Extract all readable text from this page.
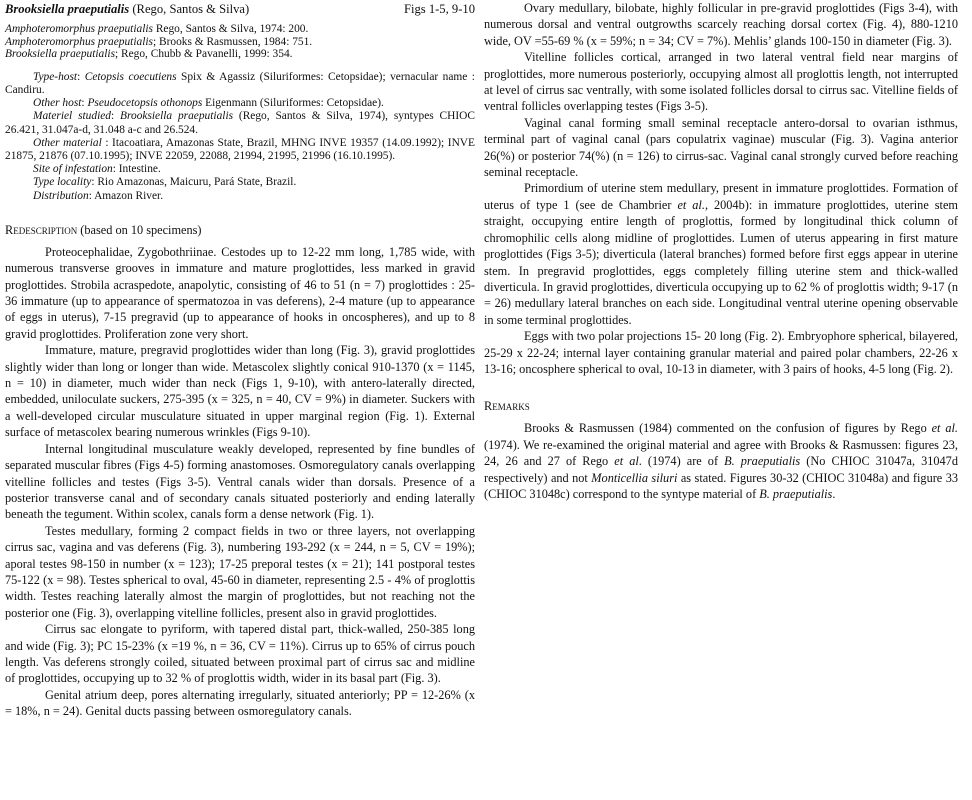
Brooksiella praeputialis (Rego, Santos & Silva)	Figs 1-5, 9-10
Amphoteromorphus praeputialis Rego, Santos & Silva, 1974: 200.
Amphoteromorphus praeputialis; Brooks & Rasmussen, 1984: 751.
Brooksiella praeputialis; Rego, Chubb & Pavanelli, 1999: 354.

Type-host: Cetopsis coecutiens Spix & Agassiz (Siluriformes: Cetopsidae); vernacular name : Candiru.

Other host: Pseudocetopsis othonops Eigenmann (Siluriformes: Cetopsidae).

Materiel studied: Brooksiella praeputialis (Rego, Santos & Silva, 1974), syntypes CHIOC 26.421, 31.047a-d, 31.048 a-c and 26.524.

Other material : Itacoatiara, Amazonas State, Brazil, MHNG INVE 19357 (14.09.1992); INVE 21875, 21876 (07.10.1995); INVE 22059, 22088, 21994, 21995, 21996 (16.10.1995).

Site of infestation: Intestine.

Type locality: Rio Amazonas, Maicuru, Pará State, Brazil.

Distribution: Amazon River.

Redescription (based on 10 specimens)

Proteocephalidae, Zygobothriinae. Cestodes up to 12-22 mm long, 1,785 wide, with numerous transverse grooves in immature and mature proglottides, less marked in gravid proglottides. Strobila acraspedote, anapolytic, consisting of 46 to 51 (n = 7) proglottides : 25-36 immature (up to appearance of spermatozoa in vas deferens), 2-4 mature (up to appearance of eggs in uterus), 7-15 pregravid (up to appearance of hooks in oncospheres), and up to 8 gravid proglottides. Proliferation zone very short.

Immature, mature, pregravid proglottides wider than long (Fig. 3), gravid proglottides slightly wider than long or longer than wide. Metascolex slightly conical 910-1370 (x = 1145, n = 10) in diameter, much wider than neck (Figs 1, 9-10), with antero-laterally directed, embedded, uniloculate suckers, 275-395 (x = 325, n = 40, CV = 9%) in diameter. Suckers with a well-developed circular musculature situated in upper marginal region (Fig. 1). External surface of metascolex bearing numerous wrinkles (Figs 9-10).

Internal longitudinal musculature weakly developed, represented by fine bundles of separated muscular fibres (Figs 4-5) forming anastomoses. Osmoregulatory canals overlapping vitelline follicles and testes (Figs 3-5). Ventral canals wider than dorsals. Presence of a posterior transverse canal and of secondary canals situated posteriorly and ending laterally beneath the tegument. Within scolex, canals form a dense network (Fig. 1).

Testes medullary, forming 2 compact fields in two or three layers, not overlapping cirrus sac, vagina and vas deferens (Fig. 3), numbering 193-292 (x = 244, n = 5, CV = 19%); aporal testes 98-150 in number (x = 123); 17-25 preporal testes (x = 21); 141 postporal testes 75-122 (x = 98). Testes spherical to oval, 45-60 in diameter, representing 2.5 - 4% of proglottis width. Testes reaching laterally almost the margin of proglottides, but not reaching not the posterior one (Fig. 3), overlapping vitelline follicles, present also in gravid proglottides.

Cirrus sac elongate to pyriform, with tapered distal part, thick-walled, 250-385 long and wide (Fig. 3); PC 15-23% (x =19 %, n = 36, CV = 11%). Cirrus up to 65% of cirrus pouch length. Vas deferens strongly coiled, situated between proximal part of cirrus sac and midline of proglottides, occupying up to 32 % of proglottis width, wider in its basal part (Fig. 3).

Genital atrium deep, pores alternating irregularly, situated anteriorly; PP = 12-26% (x = 18%, n = 24). Genital ducts passing between osmoregulatory canals.

Ovary medullary, bilobate, highly follicular in pre-gravid proglottides (Figs 3-4), with numerous dorsal and ventral outgrowths scarcely reaching dorsal cortex (Fig. 4), 880-1210 wide, OV =55-69 % (x = 59%; n = 34; CV = 7%). Mehlis’ glands 100-150 in diameter (Fig. 3).

Vitelline follicles cortical, arranged in two lateral ventral field near margins of proglottides, more numerous posteriorly, occupying almost all proglottis length, not interrupted at level of cirrus sac ventrally, with some isolated follicles dorsal to cirrus sac. Vitelline fields of ventral follicles overlapping testes (Figs 3-5).

Vaginal canal forming small seminal receptacle antero-dorsal to ovarian isthmus, terminal part of vaginal canal (pars copulatrix vaginae) muscular (Fig. 3). Vagina anterior 26(%) or posterior 74(%) (n = 126) to cirrus-sac. Vaginal canal strongly curved before reaching seminal receptacle.

Primordium of uterine stem medullary, present in immature proglottides. Formation of uterus of type 1 (see de Chambrier et al., 2004b): in immature proglottides, uterine stem straight, occupying entire length of proglottis, formed by longitudinal thick column of chromophilic cells along midline of proglottides. Lumen of uterus appearing in first mature proglottides (Figs 3-5); diverticula (lateral branches) formed before first eggs appear in uterine stem. In pregravid proglottides, eggs completely filling uterine stem and thick-walled diverticula. In gravid proglottides, diverticula occupying up to 62 % of proglottis width; 9-17 (n = 26) medullary lateral branches on each side. Longitudinal ventral uterine opening observable in some terminal proglottides.

Eggs with two polar projections 15- 20 long (Fig. 2). Embryophore spherical, bilayered, 25-29 x 22-24; internal layer containing granular material and paired polar chambers, 22-26 x 13-16; oncosphere spherical to oval, 10-13 in diameter, with 3 pairs of hooks, 4-5 long (Fig. 2).

Remarks

Brooks & Rasmussen (1984) commented on the confusion of figures by Rego et al. (1974). We re-examined the original material and agree with Brooks & Rasmussen: figures 23, 24, 26 and 27 of Rego et al. (1974) are of B. praeputialis (No CHIOC 31047a, 31047d respectively) and not Monticellia siluri as stated. Figures 30-32 (CHIOC 31048a) and figure 33 (CHIOC 31048c) correspond to the syntype material of B. praeputialis.
